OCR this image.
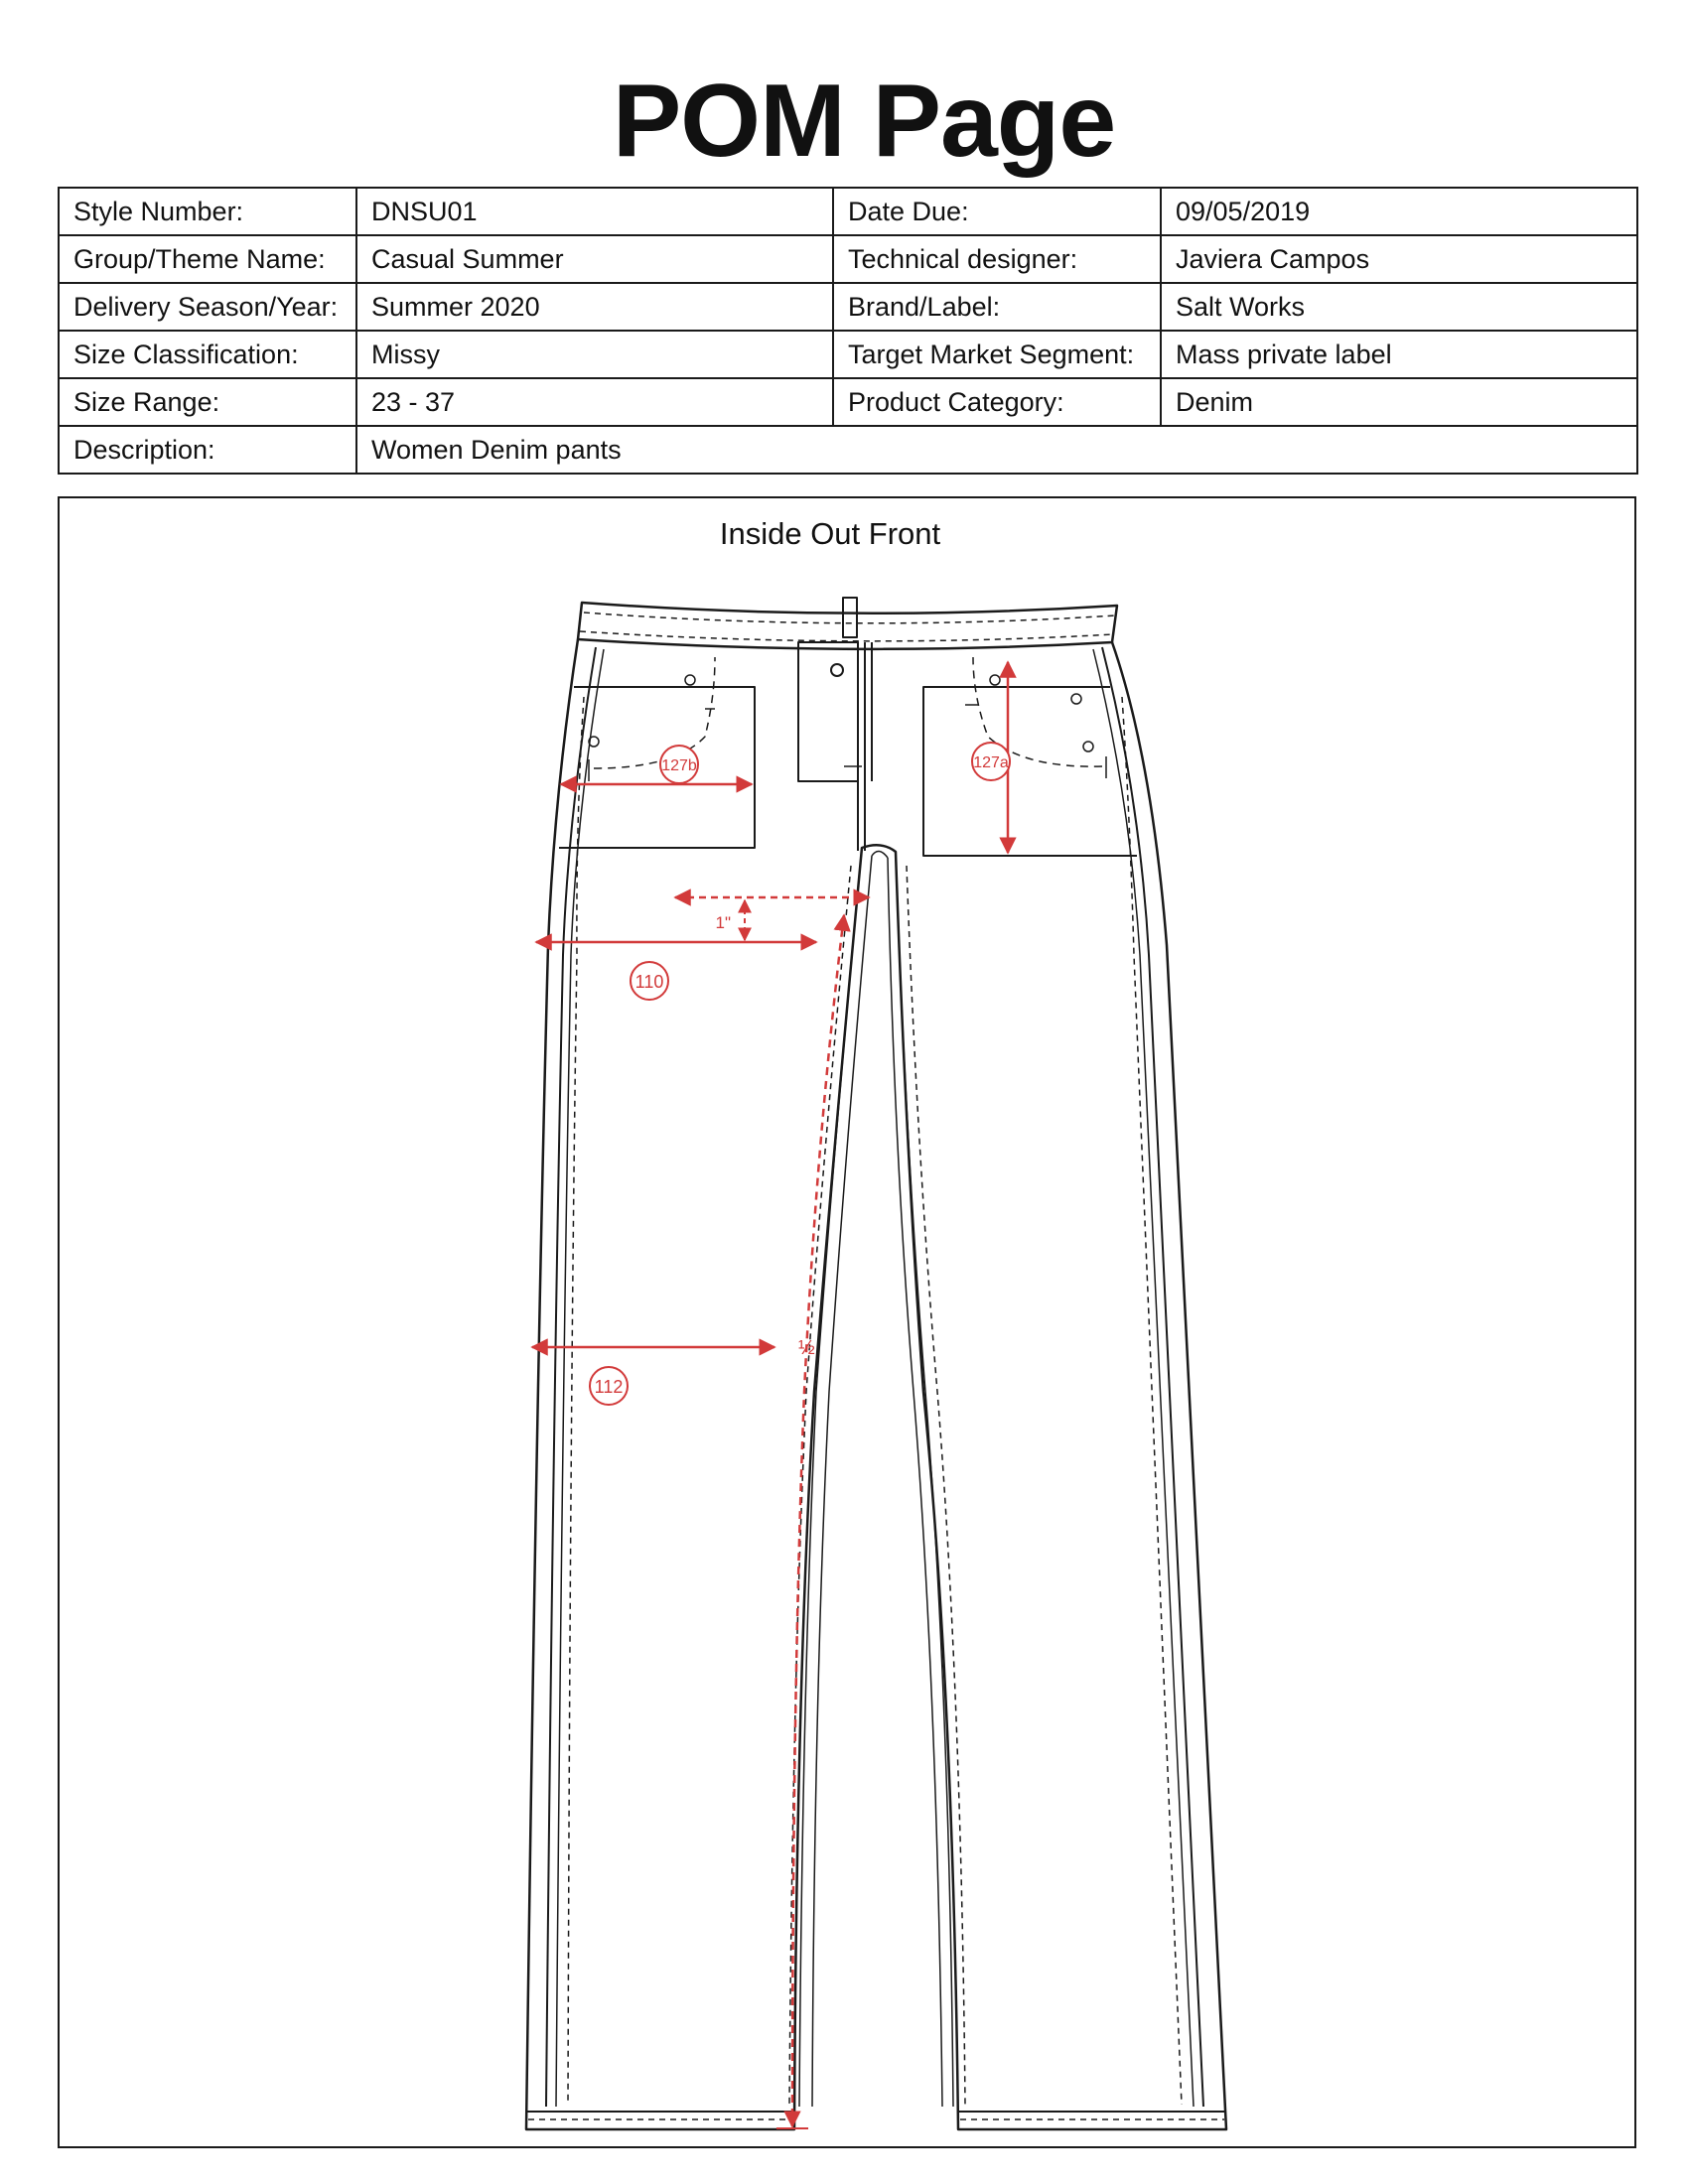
POM Page
Style Number:	DNSU01	Date Due:	09/05/2019
Group/Theme Name:	Casual Summer	Technical designer:	Javiera Campos
Delivery Season/Year:	Summer 2020	Brand/Label:	Salt Works
Size Classification:	Missy	Target Market Segment:	Mass private label
Size Range:	23 - 37	Product Category:	Denim
Description:	Women Denim pants		
Inside Out Front
127b	127a
1"
110
112
½
